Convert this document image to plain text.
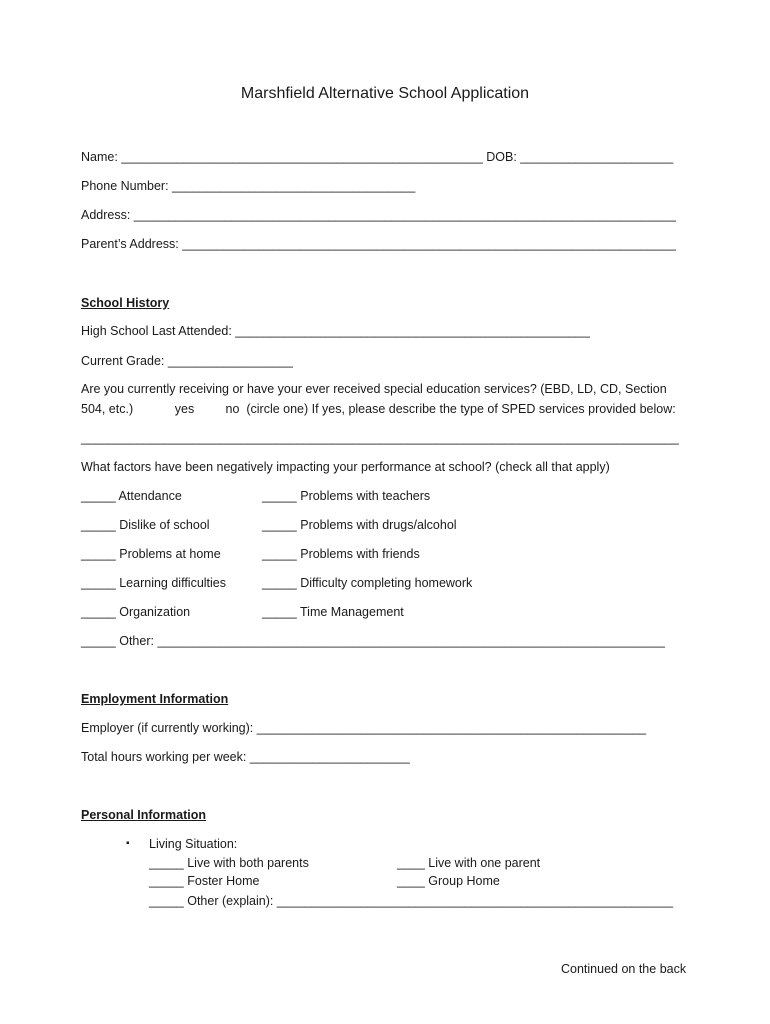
Marshfield Alternative School Application
Name: ____________________________________________________ DOB: ______________________
Phone Number: ___________________________________
Address: ______________________________________________________________________________
Parent’s Address: _______________________________________________________________________
School History
High School Last Attended: ___________________________________________________
Current Grade: __________________
Are you currently receiving or have your ever received special education services? (EBD, LD, CD, Section
504, etc.)            yes         no  (circle one) If yes, please describe the type of SPED services provided below:
______________________________________________________________________________________
What factors have been negatively impacting your performance at school? (check all that apply)
_____ Attendance	_____ Problems with teachers
_____ Dislike of school	_____ Problems with drugs/alcohol
_____ Problems at home	_____ Problems with friends
_____ Learning difficulties	_____ Difficulty completing homework
_____ Organization	_____ Time Management
_____ Other: _________________________________________________________________________
Employment Information
Employer (if currently working): ________________________________________________________
Total hours working per week: _______________________
Personal Information
▪ Living Situation:
_____ Live with both parents	____ Live with one parent
_____ Foster Home	____ Group Home
_____ Other (explain): _________________________________________________________
Continued on the back
